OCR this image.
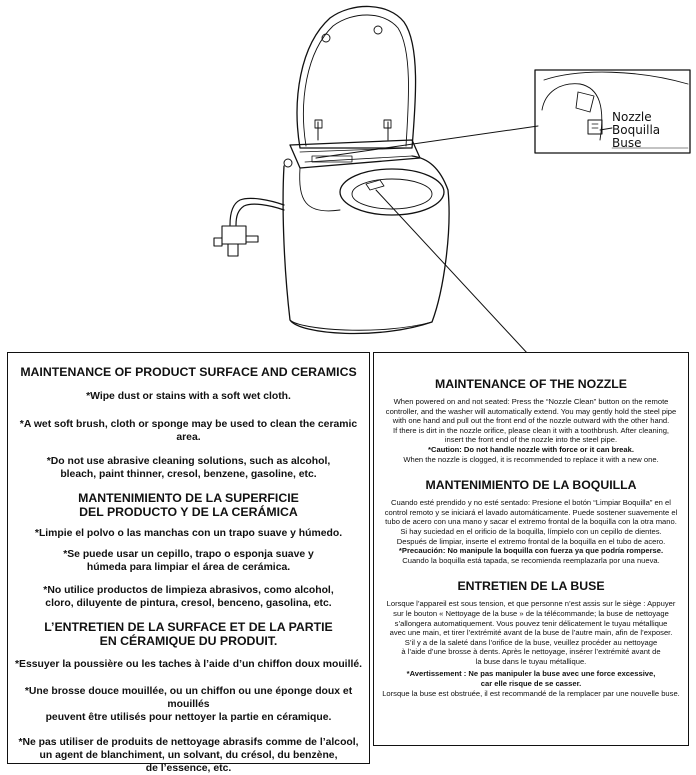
Nozzle
Boquilla
Buse

MAINTENANCE OF PRODUCT SURFACE AND CERAMICS

*Wipe dust or stains with a soft wet cloth.

*A wet soft brush, cloth or sponge may be used to clean the ceramic area.

*Do not use abrasive cleaning solutions, such as alcohol,

bleach, paint thinner, cresol, benzene, gasoline, etc.

MANTENIMIENTO DE LA SUPERFICIE

DEL PRODUCTO Y DE LA CERÁMICA

*Limpie el polvo o las manchas con un trapo suave y húmedo.

*Se puede usar un cepillo, trapo o esponja suave y

húmeda para limpiar el área de cerámica.

*No utilice productos de limpieza abrasivos, como alcohol,

cloro, diluyente de pintura, cresol, benceno, gasolina, etc.

L’ENTRETIEN DE LA SURFACE ET DE LA PARTIE

EN CÉRAMIQUE DU PRODUIT.

*Essuyer la poussière ou les taches à l’aide d’un chiffon doux mouillé.

*Une brosse douce mouillée, ou un chiffon ou une éponge doux et mouillés

peuvent être utilisés pour nettoyer la partie en céramique.

*Ne pas utiliser de produits de nettoyage abrasifs comme de l’alcool,

un agent de blanchiment, un solvant, du crésol, du benzène,

de l’essence, etc.

MAINTENANCE OF THE NOZZLE

When powered on and not seated: Press the “Nozzle Clean” button on the remote

controller, and the washer will automatically extend. You may gently hold the steel pipe

with one hand and pull out the front end of the nozzle outward with the other hand.

If there is dirt in the nozzle orifice, please clean it with a toothbrush. After cleaning,

insert the front end of the nozzle into the steel pipe.

*Caution: Do not handle nozzle with force or it can break.

When the nozzle is clogged, it is recommended to replace it with a new one.

MANTENIMIENTO DE LA BOQUILLA

Cuando esté prendido y no esté sentado: Presione el botón “Limpiar Boquilla” en el

control remoto y se iniciará el lavado automáticamente. Puede sostener suavemente el

tubo de acero con una mano y sacar el extremo frontal de la boquilla con la otra mano.

Si hay suciedad en el orificio de la boquilla, límpielo con un cepillo de dientes.

Después de limpiar, inserte el extremo frontal de la boquilla en el tubo de acero.

*Precaución: No manipule la boquilla con fuerza ya que podría romperse.

Cuando la boquilla está tapada, se recomienda reemplazarla por una nueva.

ENTRETIEN DE LA BUSE

Lorsque l’appareil est sous tension, et que personne n’est assis sur le siège : Appuyer

sur le bouton « Nettoyage de la buse » de la télécommande; la buse de nettoyage

s’allongera automatiquement. Vous pouvez tenir délicatement le tuyau métallique

avec une main, et tirer l’extrémité avant de la buse de l’autre main, afin de l’exposer.

S’il y a de la saleté dans l’orifice de la buse, veuillez procéder au nettoyage

à l’aide d’une brosse à dents. Après le nettoyage, insérer l’extrémité avant de

la buse dans le tuyau métallique.

*Avertissement : Ne pas manipuler la buse avec une force excessive,

car elle risque de se casser.

Lorsque la buse est obstruée, il est recommandé de la remplacer par une nouvelle buse.
